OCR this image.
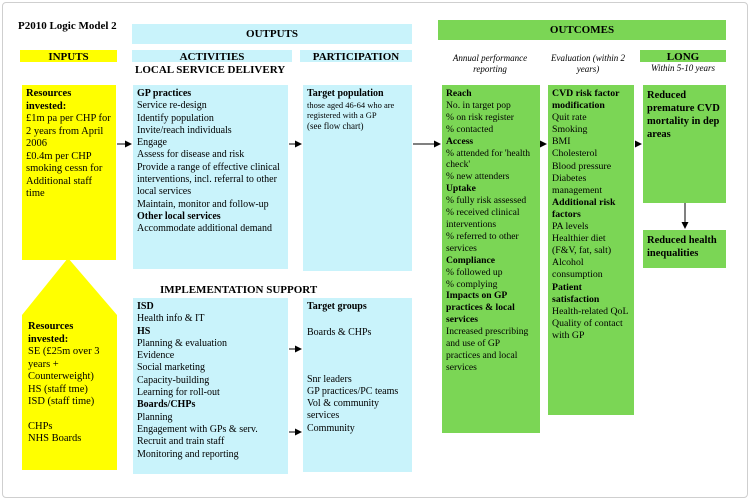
P2010 Logic Model 2
OUTPUTS
INPUTS	ACTIVITIES	PARTICIPATION
LOCAL SERVICE DELIVERY
OUTCOMES
Annual performance reporting
Evaluation (within 2 years)
LONG
Within 5-10 years

Resources invested:

£1m pa per CHP for 2 years from April 2006

£0.4m per CHP smoking cessn for

Additional staff time

Resources invested:

SE (£25m over 3 years + Counterweight)

HS (staff tme)

ISD (staff time)

CHPs

NHS Boards

GP practices

Service re-design

Identify population

Invite/reach individuals

Engage

Assess for disease and risk

Provide a range of effective clinical interventions, incl. referral to other local services

Maintain, monitor and follow-up

Other local services

Accommodate additional demand

Target population

those aged 46-64 who are registered with a GP

(see flow chart)

IMPLEMENTATION SUPPORT

ISD

Health info & IT

HS

Planning & evaluation

Evidence

Social marketing

Capacity-building

Learning for roll-out

Boards/CHPs

Planning

Engagement with GPs & serv.

Recruit and train staff

Monitoring and reporting

Target groups

Boards & CHPs

Snr leaders

GP practices/PC teams

Vol & community services

Community

Reach

No. in target pop

% on risk register

% contacted

Access

% attended for 'health check'

% new attenders

Uptake

% fully risk assessed

% received clinical interventions

% referred to other services

Compliance

% followed up

% complying

Impacts on GP practices & local services

Increased prescribing and use of GP practices and local services

CVD risk factor modification

Quit rate

Smoking

BMI

Cholesterol

Blood pressure

Diabetes management

Additional risk factors

PA levels

Healthier diet (F&V, fat, salt)

Alcohol consumption

Patient satisfaction

Health-related QoL

Quality of contact with GP

Reduced premature CVD mortality in dep areas

Reduced health inequalities
